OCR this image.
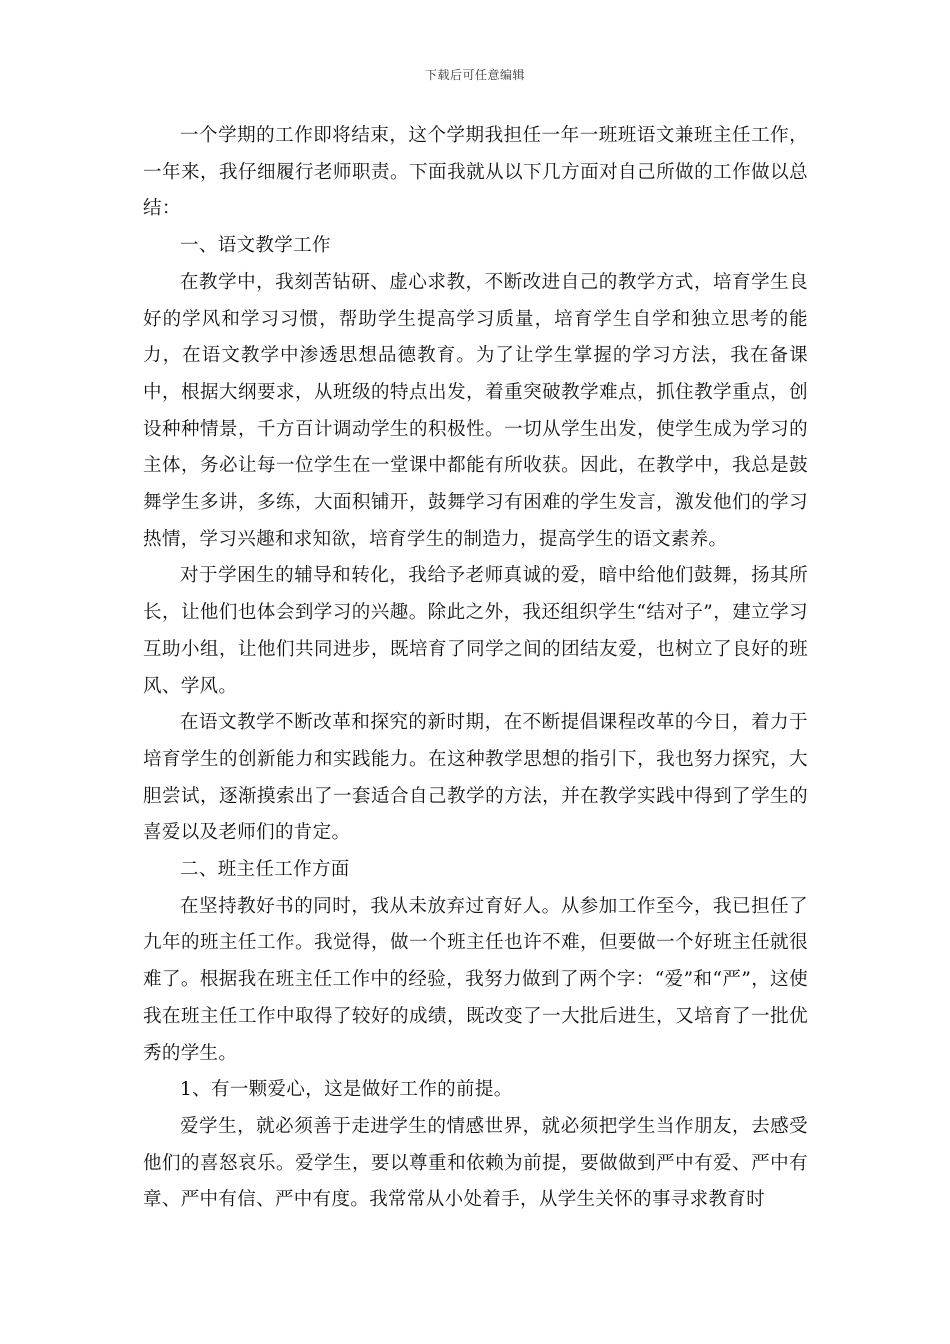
下载后可任意编辑

一个学期的工作即将结束，这个学期我担任一年一班班语文兼班主任工作，一年来，我仔细履行老师职责。下面我就从以下几方面对自己所做的工作做以总结：

一、语文教学工作

在教学中，我刻苦钻研、虚心求教，不断改进自己的教学方式，培育学生良好的学风和学习习惯，帮助学生提高学习质量，培育学生自学和独立思考的能力，在语文教学中渗透思想品德教育。为了让学生掌握的学习方法，我在备课中，根据大纲要求，从班级的特点出发，着重突破教学难点，抓住教学重点，创设种种情景，千方百计调动学生的积极性。一切从学生出发，使学生成为学习的主体，务必让每一位学生在一堂课中都能有所收获。因此，在教学中，我总是鼓舞学生多讲，多练，大面积铺开，鼓舞学习有困难的学生发言，激发他们的学习热情，学习兴趣和求知欲，培育学生的制造力，提高学生的语文素养。

对于学困生的辅导和转化，我给予老师真诚的爱，暗中给他们鼓舞，扬其所长，让他们也体会到学习的兴趣。除此之外，我还组织学生“结对子”，建立学习互助小组，让他们共同进步，既培育了同学之间的团结友爱，也树立了良好的班风、学风。

在语文教学不断改革和探究的新时期，在不断提倡课程改革的今日，着力于培育学生的创新能力和实践能力。在这种教学思想的指引下，我也努力探究，大胆尝试，逐渐摸索出了一套适合自己教学的方法，并在教学实践中得到了学生的喜爱以及老师们的肯定。

二、班主任工作方面

在坚持教好书的同时，我从未放弃过育好人。从参加工作至今，我已担任了九年的班主任工作。我觉得，做一个班主任也许不难，但要做一个好班主任就很难了。根据我在班主任工作中的经验，我努力做到了两个字：“爱”和“严”，这使我在班主任工作中取得了较好的成绩，既改变了一大批后进生，又培育了一批优秀的学生。

1、有一颗爱心，这是做好工作的前提。

爱学生，就必须善于走进学生的情感世界，就必须把学生当作朋友，去感受他们的喜怒哀乐。爱学生，要以尊重和依赖为前提，要做做到严中有爱、严中有章、严中有信、严中有度。我常常从小处着手，从学生关怀的事寻求教育时
